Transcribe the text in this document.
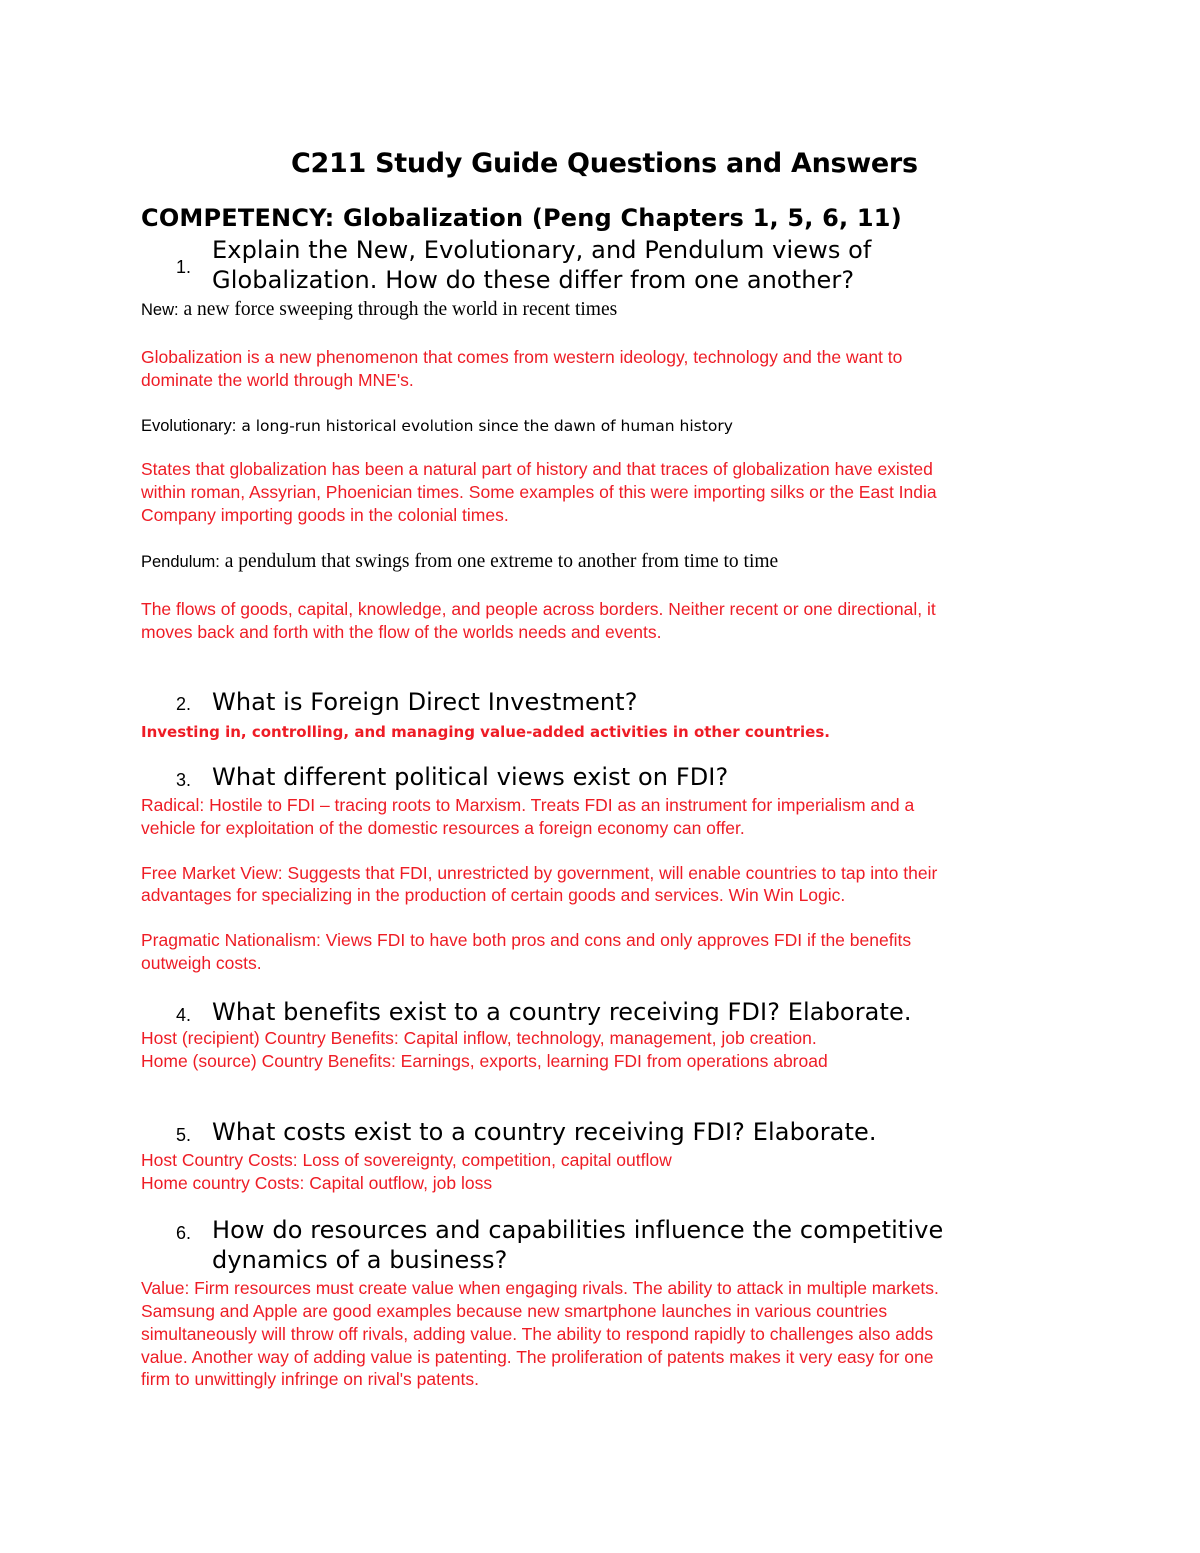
C211 Study Guide Questions and Answers
COMPETENCY: Globalization (Peng Chapters 1, 5, 6, 11)
1.
Explain the New, Evolutionary, and Pendulum views of
Globalization. How do these differ from one another?
New: a new force sweeping through the world in recent times
Globalization is a new phenomenon that comes from western ideology, technology and the want to
dominate the world through MNE's.
Evolutionary: a long-run historical evolution since the dawn of human history
States that globalization has been a natural part of history and that traces of globalization have existed
within roman, Assyrian, Phoenician times. Some examples of this were importing silks or the East India
Company importing goods in the colonial times.
Pendulum: a pendulum that swings from one extreme to another from time to time
The flows of goods, capital, knowledge, and people across borders. Neither recent or one directional, it
moves back and forth with the flow of the worlds needs and events.
2. What is Foreign Direct Investment?
Investing in, controlling, and managing value-added activities in other countries.
3. What different political views exist on FDI?
Radical: Hostile to FDI – tracing roots to Marxism. Treats FDI as an instrument for imperialism and a
vehicle for exploitation of the domestic resources a foreign economy can offer.
Free Market View: Suggests that FDI, unrestricted by government, will enable countries to tap into their
advantages for specializing in the production of certain goods and services. Win Win Logic.
Pragmatic Nationalism: Views FDI to have both pros and cons and only approves FDI if the benefits
outweigh costs.
4. What benefits exist to a country receiving FDI? Elaborate.
Host (recipient) Country Benefits: Capital inflow, technology, management, job creation.
Home (source) Country Benefits: Earnings, exports, learning FDI from operations abroad
5. What costs exist to a country receiving FDI? Elaborate.
Host Country Costs: Loss of sovereignty, competition, capital outflow
Home country Costs: Capital outflow, job loss
6. How do resources and capabilities influence the competitive
dynamics of a business?
Value: Firm resources must create value when engaging rivals. The ability to attack in multiple markets.
Samsung and Apple are good examples because new smartphone launches in various countries
simultaneously will throw off rivals, adding value. The ability to respond rapidly to challenges also adds
value. Another way of adding value is patenting. The proliferation of patents makes it very easy for one
firm to unwittingly infringe on rival's patents.
